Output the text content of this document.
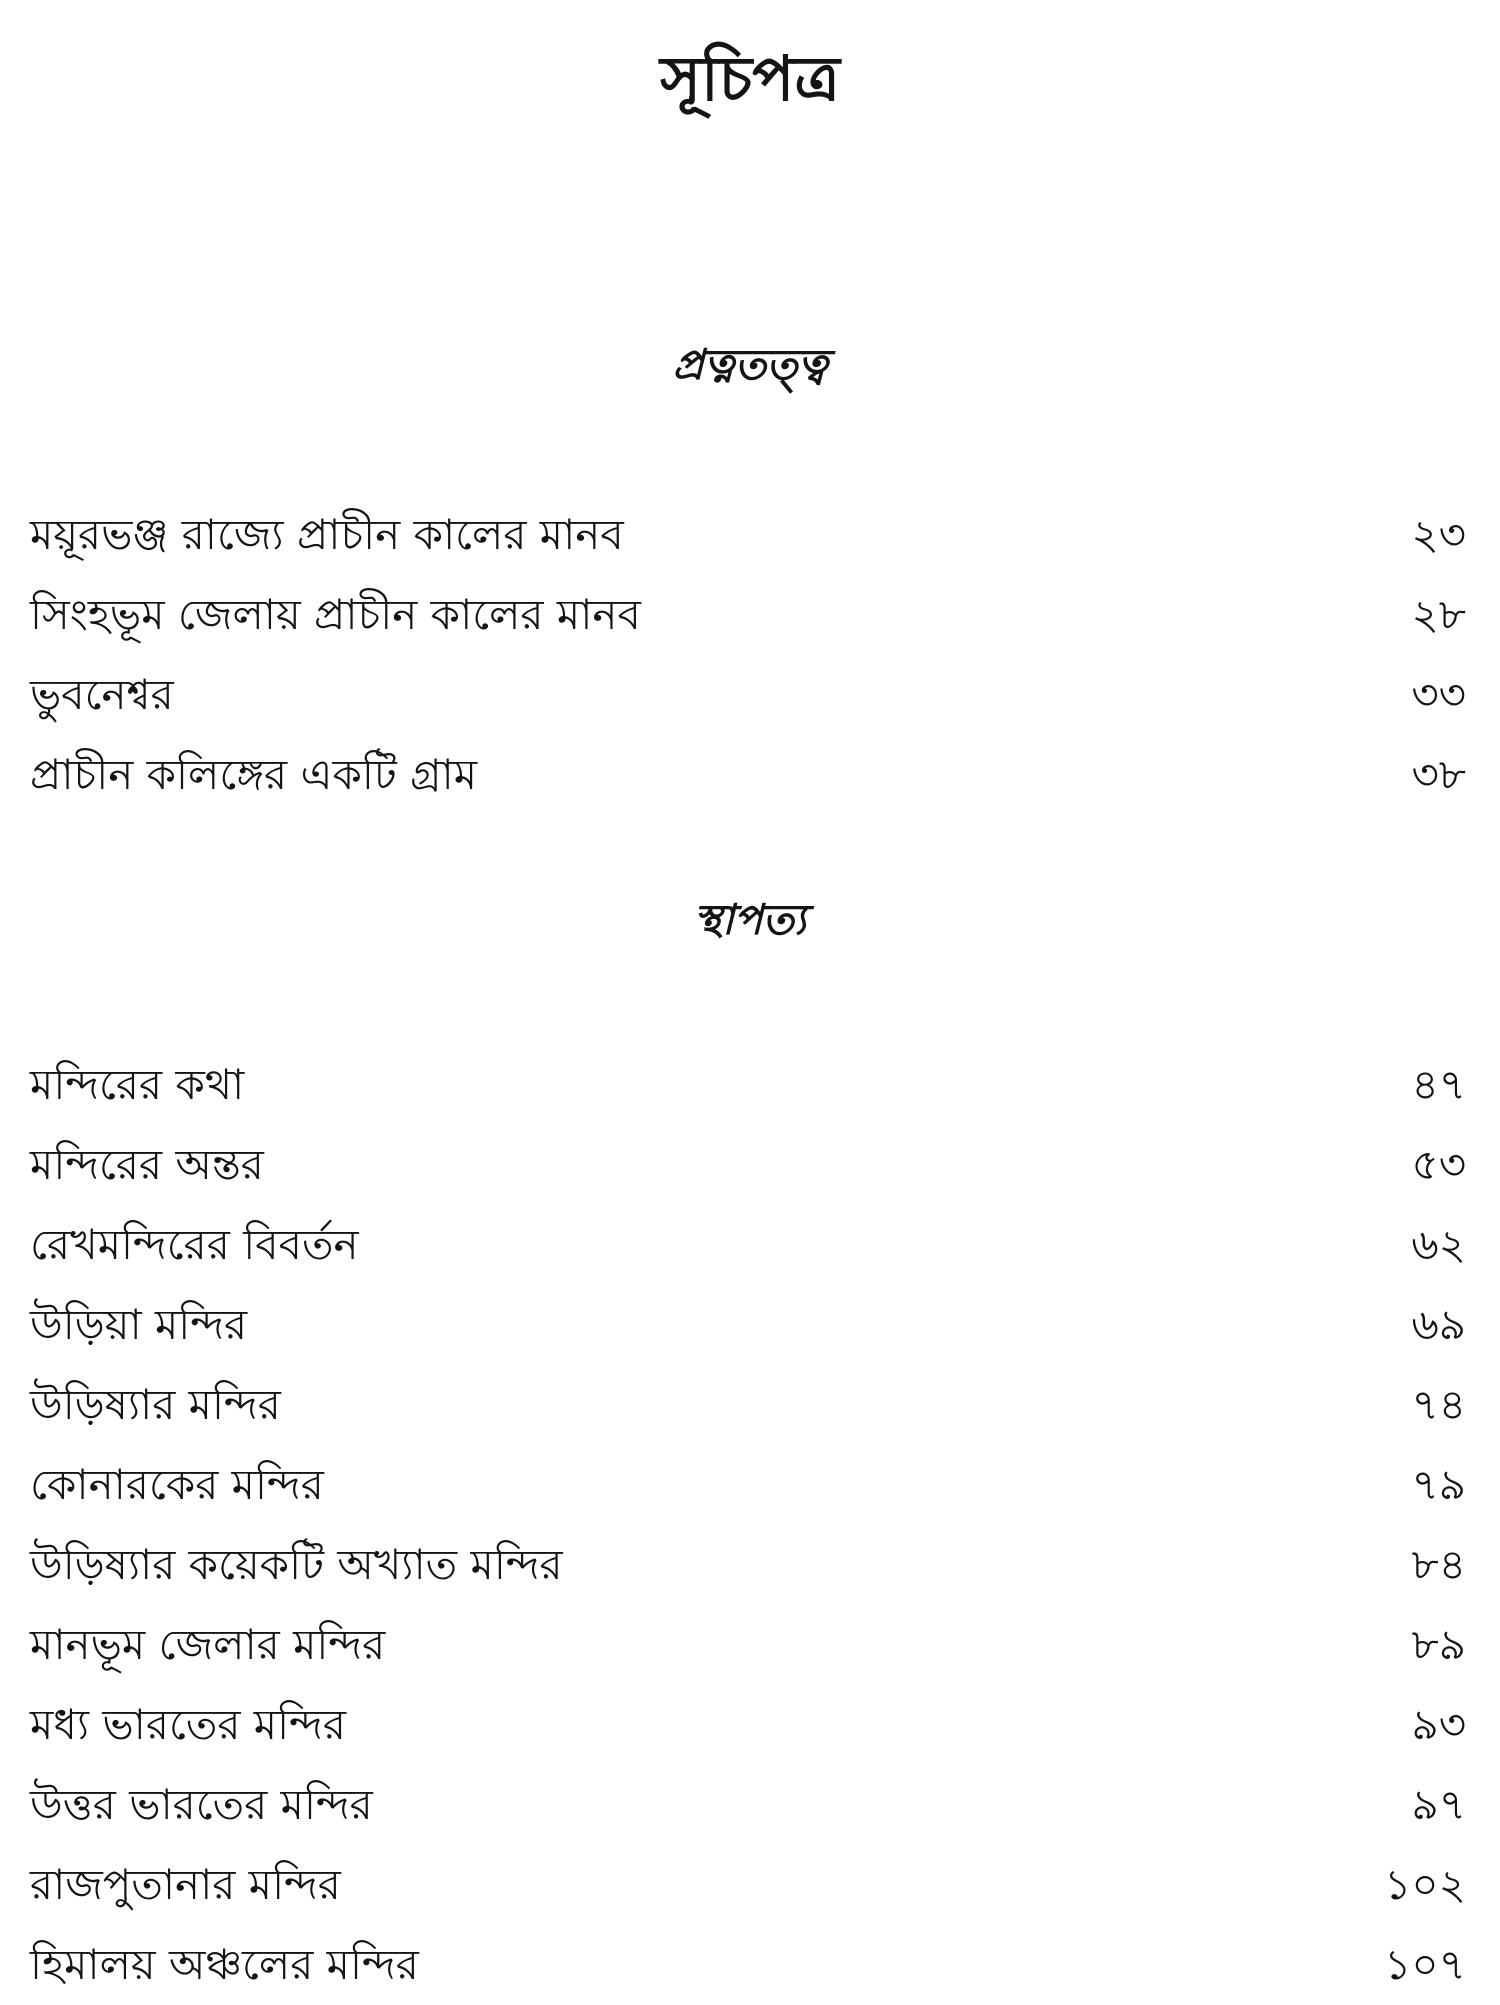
সূচিপত্র
প্রত্নতত্ত্ব
ময়ূরভঞ্জ রাজ্যে প্রাচীন কালের মানব	২৩
সিংহভূম জেলায় প্রাচীন কালের মানব	২৮
ভুবনেশ্বর	৩৩
প্রাচীন কলিঙ্গের একটি গ্রাম	৩৮
স্থাপত্য
মন্দিরের কথা	৪৭
মন্দিরের অন্তর	৫৩
রেখমন্দিরের বিবর্তন	৬২
উড়িয়া মন্দির	৬৯
উড়িষ্যার মন্দির	৭৪
কোনারকের মন্দির	৭৯
উড়িষ্যার কয়েকটি অখ্যাত মন্দির	৮৪
মানভূম জেলার মন্দির	৮৯
মধ্য ভারতের মন্দির	৯৩
উত্তর ভারতের মন্দির	৯৭
রাজপুতানার মন্দির	১০২
হিমালয় অঞ্চলের মন্দির	১০৭
